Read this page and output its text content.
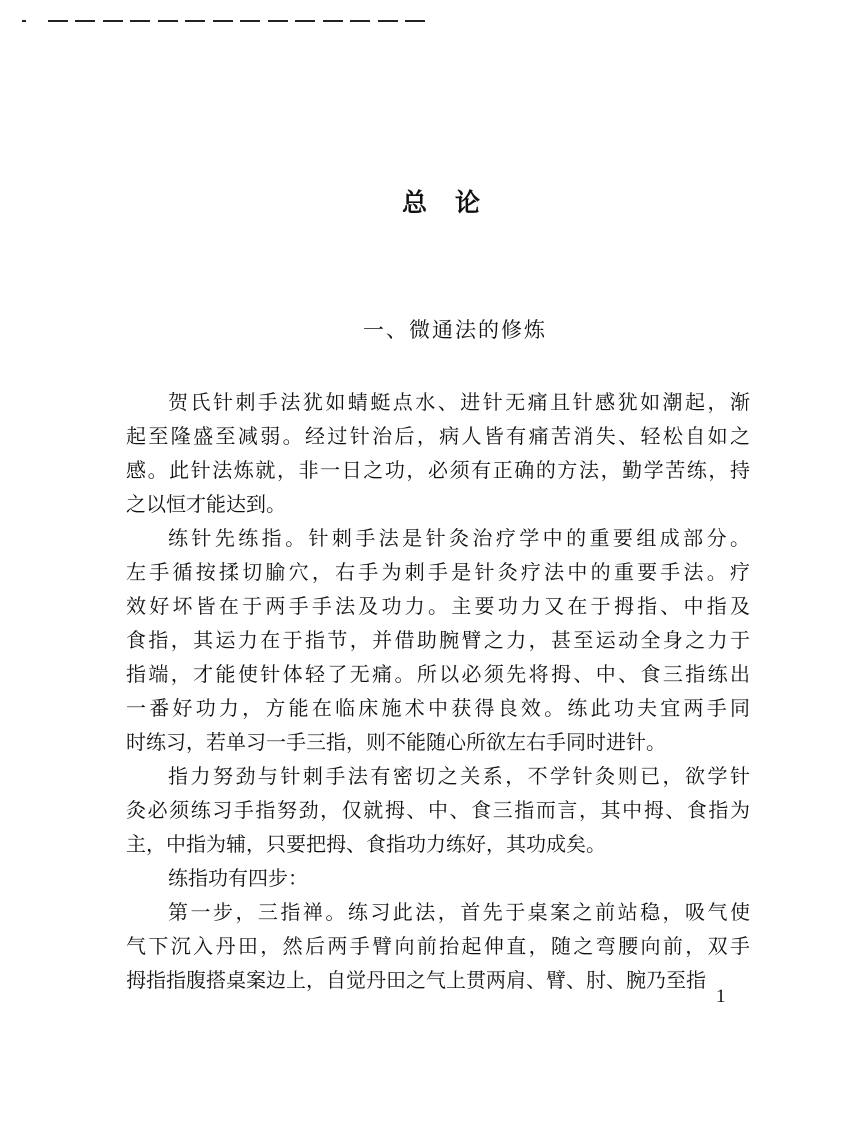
总论
一、微通法的修炼
贺氏针刺手法犹如蜻蜓点水、进针无痛且针感犹如潮起，渐
起至隆盛至减弱。经过针治后，病人皆有痛苦消失、轻松自如之
感。此针法炼就，非一日之功，必须有正确的方法，勤学苦练，持
之以恒才能达到。
练针先练指。针刺手法是针灸治疗学中的重要组成部分。
左手循按揉切腧穴，右手为刺手是针灸疗法中的重要手法。疗
效好坏皆在于两手手法及功力。主要功力又在于拇指、中指及
食指，其运力在于指节，并借助腕臂之力，甚至运动全身之力于
指端，才能使针体轻了无痛。所以必须先将拇、中、食三指练出
一番好功力，方能在临床施术中获得良效。练此功夫宜两手同
时练习，若单习一手三指，则不能随心所欲左右手同时进针。
指力努劲与针刺手法有密切之关系，不学针灸则已，欲学针
灸必须练习手指努劲，仅就拇、中、食三指而言，其中拇、食指为
主，中指为辅，只要把拇、食指功力练好，其功成矣。
练指功有四步：
第一步，三指禅。练习此法，首先于桌案之前站稳，吸气使
气下沉入丹田，然后两手臂向前抬起伸直，随之弯腰向前，双手
拇指指腹搭桌案边上，自觉丹田之气上贯两肩、臂、肘、腕乃至指
1
